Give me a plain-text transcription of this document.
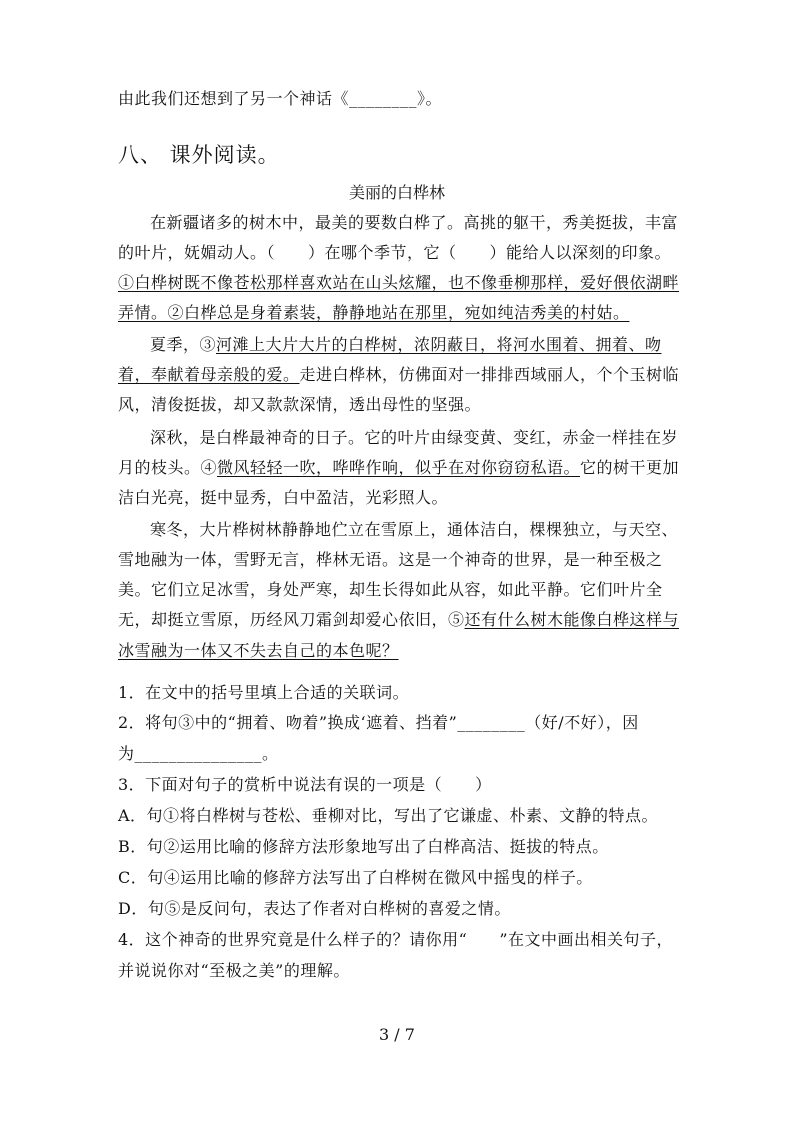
由此我们还想到了另一个神话《________》。
八、 课外阅读。
美丽的白桦林
在新疆诸多的树木中，最美的要数白桦了。高挑的躯干，秀美挺拔，丰富
的叶片，妩媚动人。（　　）在哪个季节，它（　　）能给人以深刻的印象。
①白桦树既不像苍松那样喜欢站在山头炫耀，也不像垂柳那样，爱好偎依湖畔
弄情。②白桦总是身着素装，静静地站在那里，宛如纯洁秀美的村姑。
夏季，③河滩上大片大片的白桦树，浓阴蔽日，将河水围着、拥着、吻
着，奉献着母亲般的爱。走进白桦林，仿佛面对一排排西域丽人，个个玉树临
风，清俊挺拔，却又款款深情，透出母性的坚强。
深秋，是白桦最神奇的日子。它的叶片由绿变黄、变红，赤金一样挂在岁
月的枝头。④微风轻轻一吹，哗哗作响，似乎在对你窃窃私语。它的树干更加
洁白光亮，挺中显秀，白中盈洁，光彩照人。
寒冬，大片桦树林静静地伫立在雪原上，通体洁白，棵棵独立，与天空、
雪地融为一体，雪野无言，桦林无语。这是一个神奇的世界，是一种至极之
美。它们立足冰雪，身处严寒，却生长得如此从容，如此平静。它们叶片全
无，却挺立雪原，历经风刀霜剑却爱心依旧，⑤还有什么树木能像白桦这样与
冰雪融为一体又不失去自己的本色呢？
1．在文中的括号里填上合适的关联词。
2．将句③中的“拥着、吻着”换成‘遮着、挡着”________（好/不好），因
为_______________。
3．下面对句子的赏析中说法有误的一项是（　　）
A．句①将白桦树与苍松、垂柳对比，写出了它谦虚、朴素、文静的特点。
B．句②运用比喻的修辞方法形象地写出了白桦高洁、挺拔的特点。
C．句④运用比喻的修辞方法写出了白桦树在微风中摇曳的样子。
D．句⑤是反问句，表达了作者对白桦树的喜爱之情。
4．这个神奇的世界究竟是什么样子的？请你用“ ”在文中画出相关句子，
并说说你对“至极之美”的理解。
3 / 7
